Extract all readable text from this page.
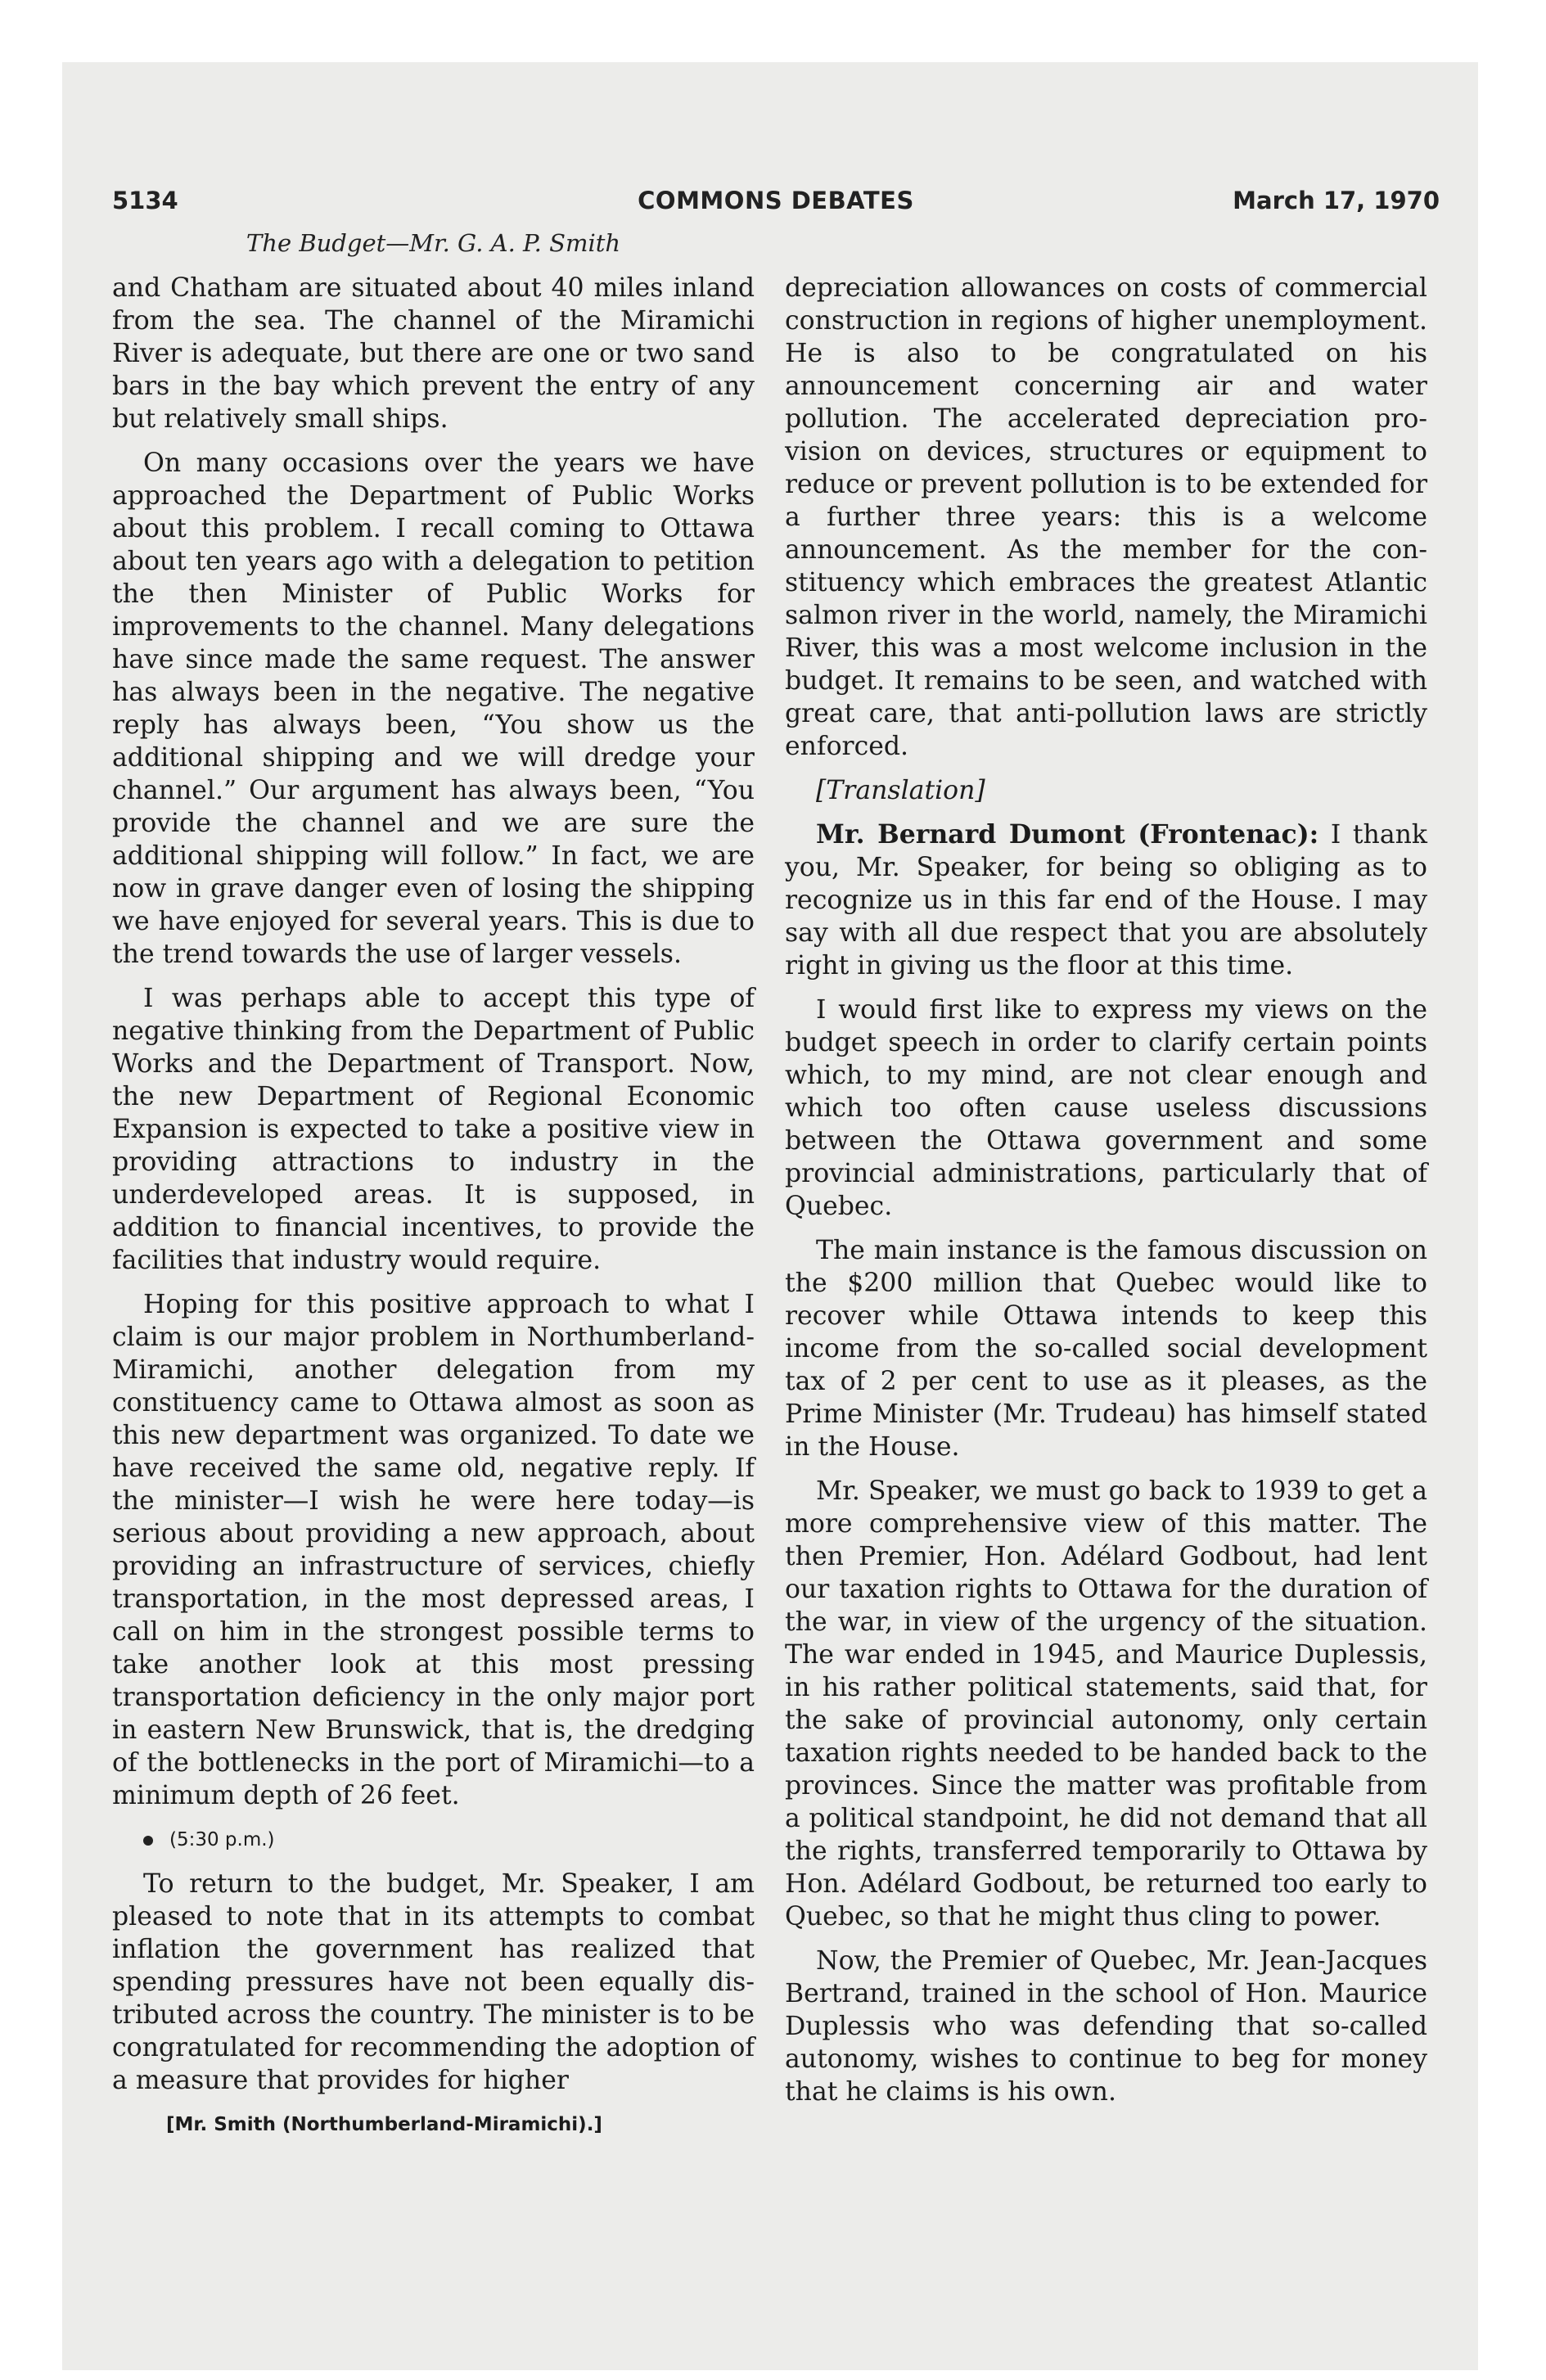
5134	COMMONS DEBATES	March 17, 1970
The Budget—Mr. G. A. P. Smith

and Chatham are situated about 40 miles inland from the sea. The channel of the Miramichi River is adequate, but there are one or two sand bars in the bay which prevent the entry of any but relatively small ships.

On many occasions over the years we have approached the Department of Public Works about this problem. I recall coming to Ottawa about ten years ago with a delegation to petition the then Minister of Public Works for improvements to the channel. Many delegations have since made the same request. The answer has always been in the negative. The negative reply has always been, “You show us the additional shipping and we will dredge your channel.” Our argument has always been, “You provide the channel and we are sure the additional shipping will follow.” In fact, we are now in grave danger even of losing the shipping we have enjoyed for several years. This is due to the trend towards the use of larger vessels.

I was perhaps able to accept this type of negative thinking from the Department of Public Works and the Department of Transport. Now, the new Department of Regional Economic Expansion is expected to take a positive view in providing attractions to industry in the underdeveloped areas. It is supposed, in addition to financial incentives, to provide the facilities that industry would require.

Hoping for this positive approach to what I claim is our major problem in Northumberland-Miramichi, another delegation from my constituency came to Ottawa almost as soon as this new department was organized. To date we have received the same old, negative reply. If the minister—I wish he were here today—is serious about providing a new approach, about providing an infrastructure of services, chiefly transportation, in the most depressed areas, I call on him in the strongest possible terms to take another look at this most pressing transportation deficiency in the only major port in eastern New Brunswick, that is, the dredging of the bottlenecks in the port of Miramichi—to a minimum depth of 26 feet.

(5:30 p.m.)

To return to the budget, Mr. Speaker, I am pleased to note that in its attempts to combat inflation the government has realized that spending pressures have not been equally distributed across the country. The minister is to be congratulated for recommending the adoption of a measure that provides for higher

[Mr. Smith (Northumberland-Miramichi).]

depreciation allowances on costs of commercial construction in regions of higher unemployment. He is also to be congratulated on his announcement concerning air and water pollution. The accelerated depreciation provision on devices, structures or equipment to reduce or prevent pollution is to be extended for a further three years: this is a welcome announcement. As the member for the constituency which embraces the greatest Atlantic salmon river in the world, namely, the Miramichi River, this was a most welcome inclusion in the budget. It remains to be seen, and watched with great care, that anti-pollution laws are strictly enforced.

[Translation]

Mr. Bernard Dumont (Frontenac): I thank you, Mr. Speaker, for being so obliging as to recognize us in this far end of the House. I may say with all due respect that you are absolutely right in giving us the floor at this time.

I would first like to express my views on the budget speech in order to clarify certain points which, to my mind, are not clear enough and which too often cause useless discussions between the Ottawa government and some provincial administrations, particularly that of Quebec.

The main instance is the famous discussion on the $200 million that Quebec would like to recover while Ottawa intends to keep this income from the so-called social development tax of 2 per cent to use as it pleases, as the Prime Minister (Mr. Trudeau) has himself stated in the House.

Mr. Speaker, we must go back to 1939 to get a more comprehensive view of this matter. The then Premier, Hon. Adélard Godbout, had lent our taxation rights to Ottawa for the duration of the war, in view of the urgency of the situation. The war ended in 1945, and Maurice Duplessis, in his rather political statements, said that, for the sake of provincial autonomy, only certain taxation rights needed to be handed back to the provinces. Since the matter was profitable from a political standpoint, he did not demand that all the rights, transferred temporarily to Ottawa by Hon. Adélard Godbout, be returned too early to Quebec, so that he might thus cling to power.

Now, the Premier of Quebec, Mr. Jean-Jacques Bertrand, trained in the school of Hon. Maurice Duplessis who was defending that so-called autonomy, wishes to continue to beg for money that he claims is his own.
